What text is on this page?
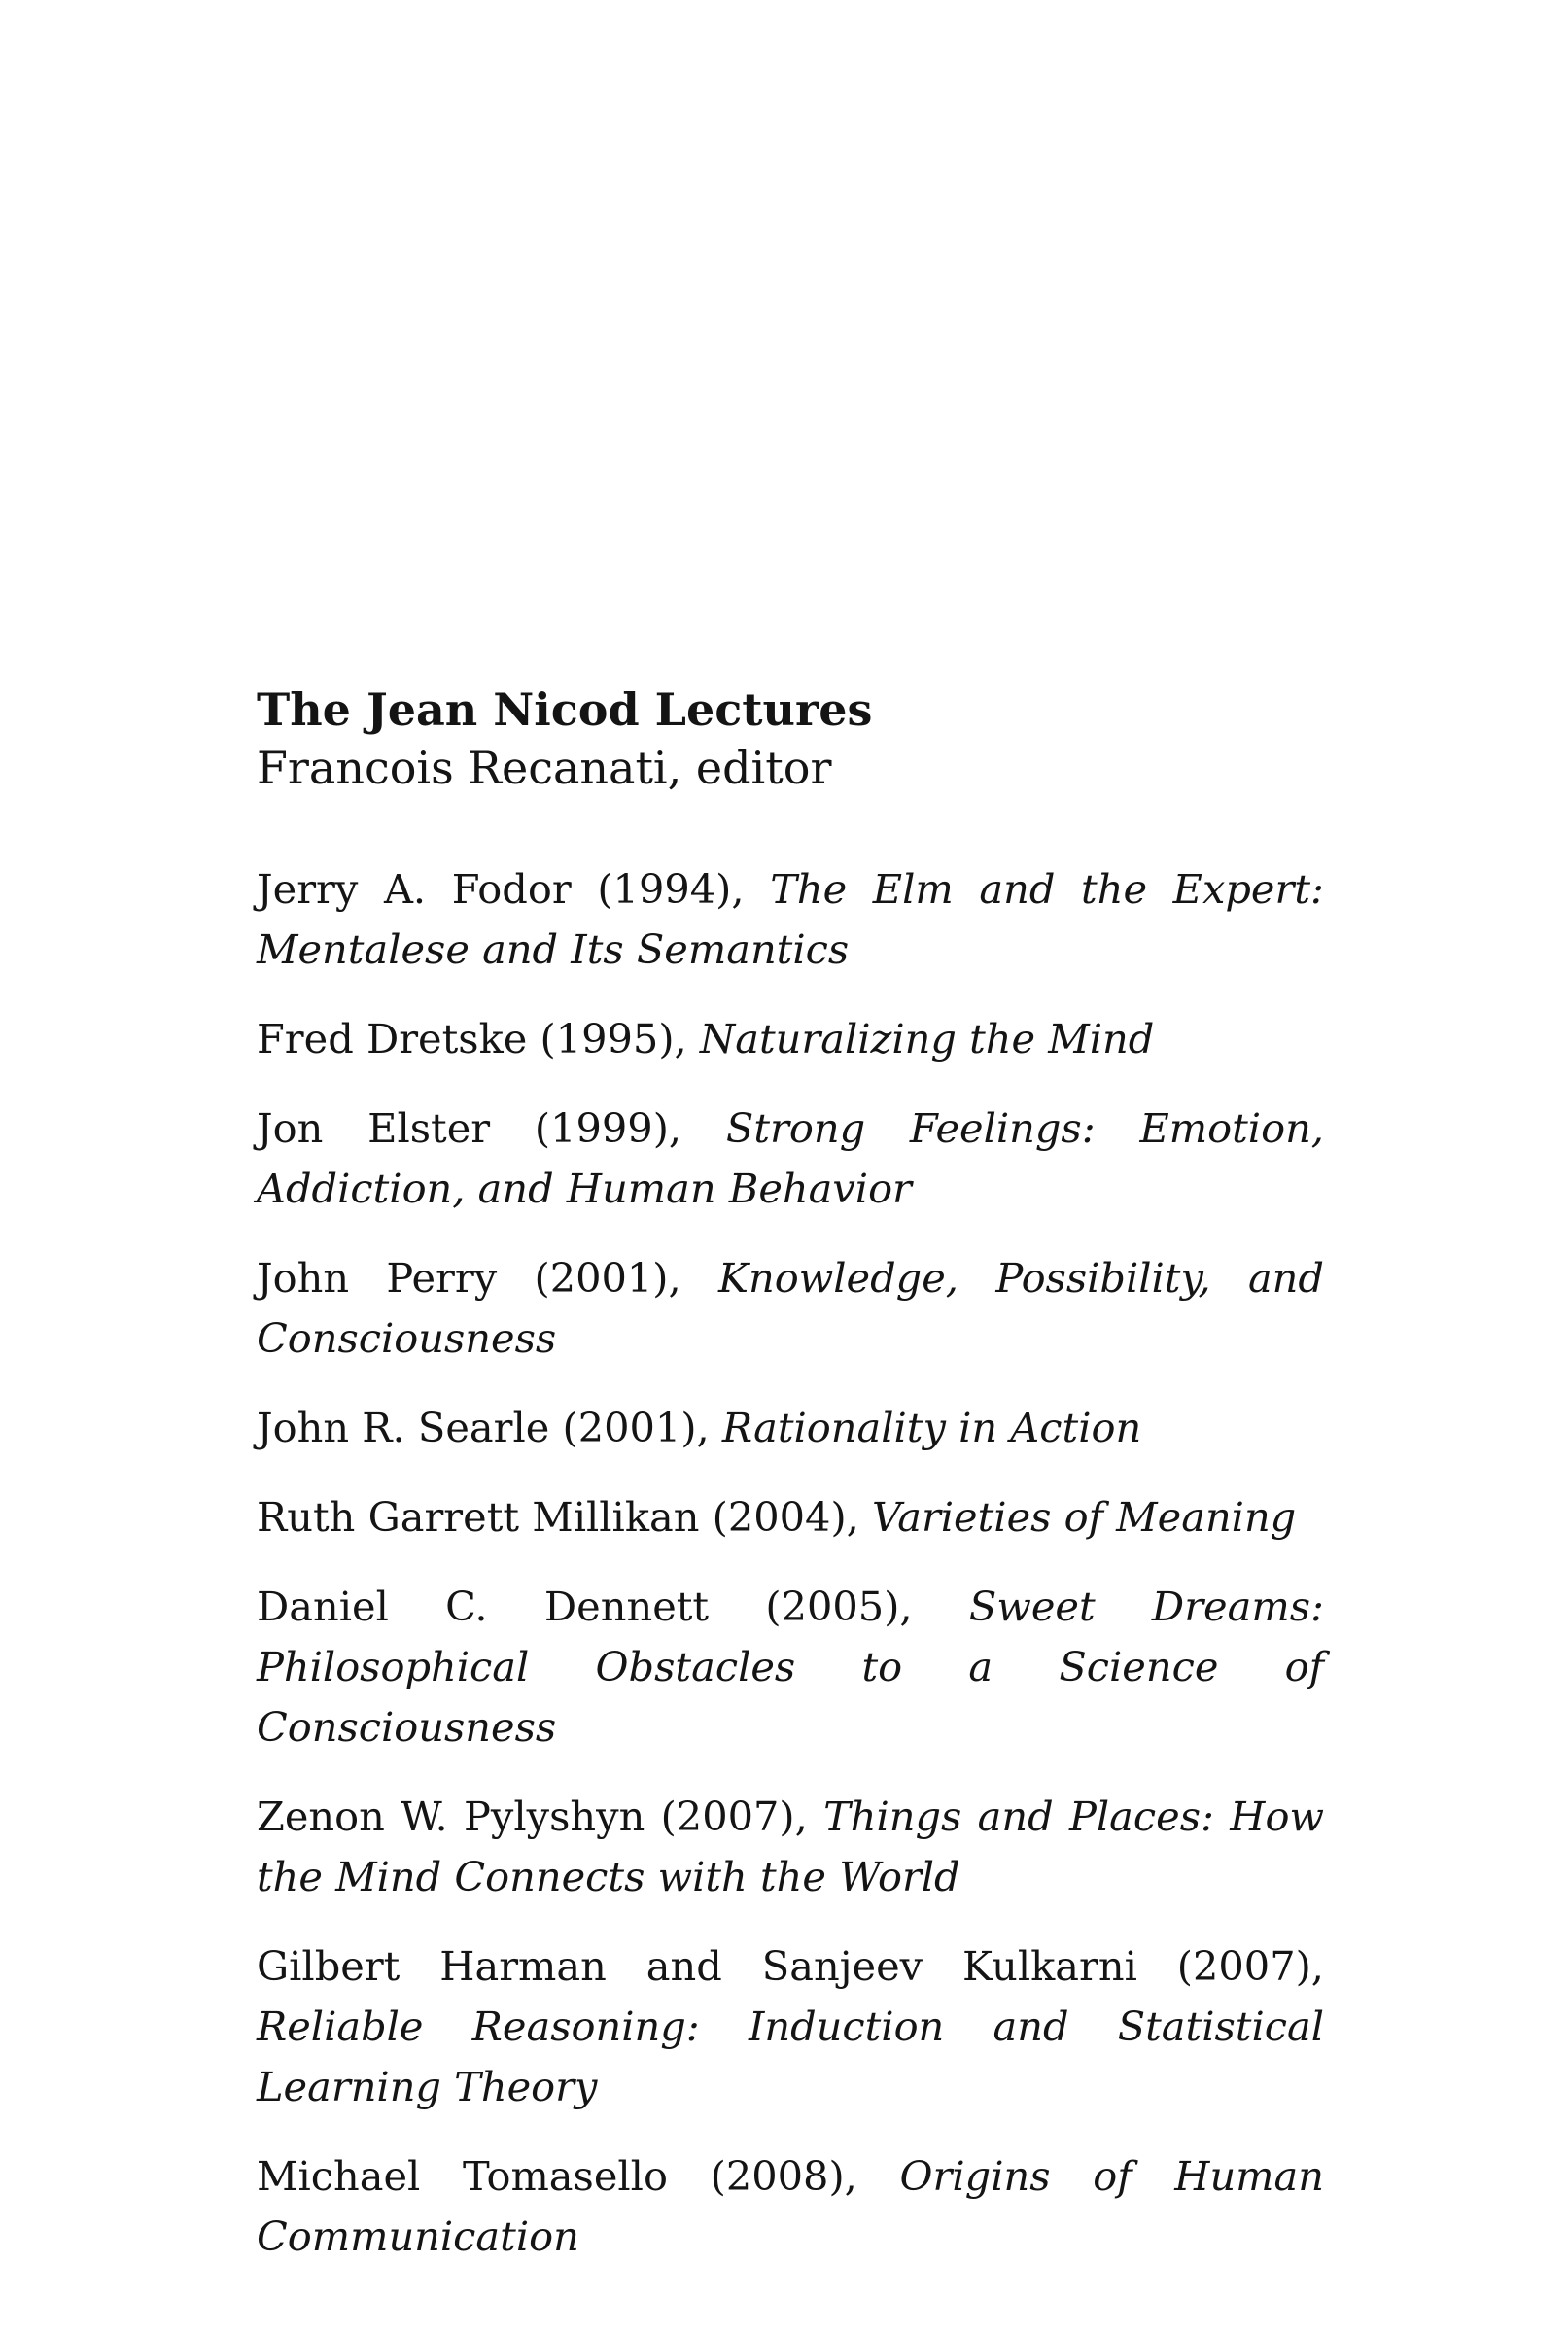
The Jean Nicod Lectures
Francois Recanati, editor
Jerry A. Fodor (1994), The Elm and the Expert: Mentalese and Its Semantics
Fred Dretske (1995), Naturalizing the Mind
Jon Elster (1999), Strong Feelings: Emotion, Addiction, and Human Behavior
John Perry (2001), Knowledge, Possibility, and Consciousness
John R. Searle (2001), Rationality in Action
Ruth Garrett Millikan (2004), Varieties of Meaning
Daniel C. Dennett (2005), Sweet Dreams: Philosophical Obstacles to a Science of Consciousness
Zenon W. Pylyshyn (2007), Things and Places: How the Mind Connects with the World
Gilbert Harman and Sanjeev Kulkarni (2007), Reliable Reasoning: Induction and Statistical Learning Theory
Michael Tomasello (2008), Origins of Human Communication
